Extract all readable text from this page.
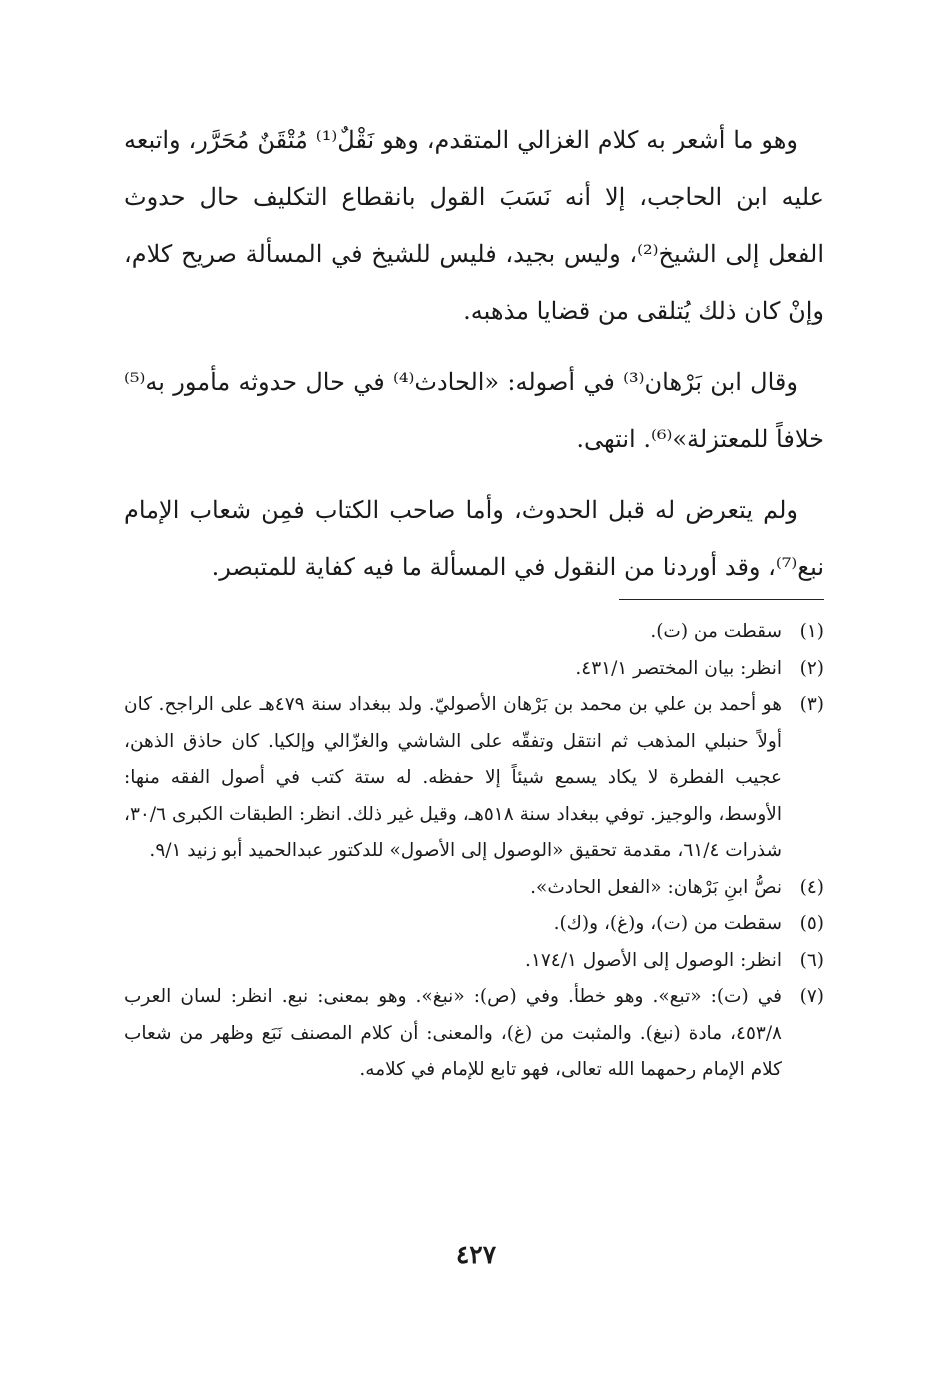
وهو ما أشعر به كلام الغزالي المتقدم، وهو نَقْلٌ⁽¹⁾ مُتْقَنٌ مُحَرَّر، واتبعه عليه ابن الحاجب، إلا أنه نَسَبَ القول بانقطاع التكليف حال حدوث الفعل إلى الشيخ⁽²⁾، وليس بجيد، فليس للشيخ في المسألة صريح كلام، وإنْ كان ذلك يُتلقى من قضايا مذهبه.

وقال ابن بَرْهان⁽³⁾ في أصوله: «الحادث⁽⁴⁾ في حال حدوثه مأمور به⁽⁵⁾ خلافاً للمعتزلة»⁽⁶⁾. انتهى.

ولم يتعرض له قبل الحدوث، وأما صاحب الكتاب فمِن شعاب الإمام نبع⁽⁷⁾، وقد أوردنا من النقول في المسألة ما فيه كفاية للمتبصر.

(١)
سقطت من (ت).
(٢)
انظر: بيان المختصر ٤٣١/١.
(٣)
هو أحمد بن علي بن محمد بن بَرْهان الأصوليّ. ولد ببغداد سنة ٤٧٩هـ على الراجح. كان أولاً حنبلي المذهب ثم انتقل وتفقّه على الشاشي والغزّالي وإلكيا. كان حاذق الذهن، عجيب الفطرة لا يكاد يسمع شيئاً إلا حفظه. له ستة كتب في أصول الفقه منها: الأوسط، والوجيز. توفي ببغداد سنة ٥١٨هـ، وقيل غير ذلك. انظر: الطبقات الكبرى ٣٠/٦، شذرات ٦١/٤، مقدمة تحقيق «الوصول إلى الأصول» للدكتور عبدالحميد أبو زنيد ٩/١.
(٤)
نصُّ ابنِ بَرْهان: «الفعل الحادث».
(٥)
سقطت من (ت)، و(غ)، و(ك).
(٦)
انظر: الوصول إلى الأصول ١٧٤/١.
(٧)
في (ت): «تبع». وهو خطأ. وفي (ص): «نبغ». وهو بمعنى: نبع. انظر: لسان العرب ٤٥٣/٨، مادة (نبغ). والمثبت من (غ)، والمعنى: أن كلام المصنف نَبَع وظهر من شعاب كلام الإمام رحمهما الله تعالى، فهو تابع للإمام في كلامه.
٤٢٧
